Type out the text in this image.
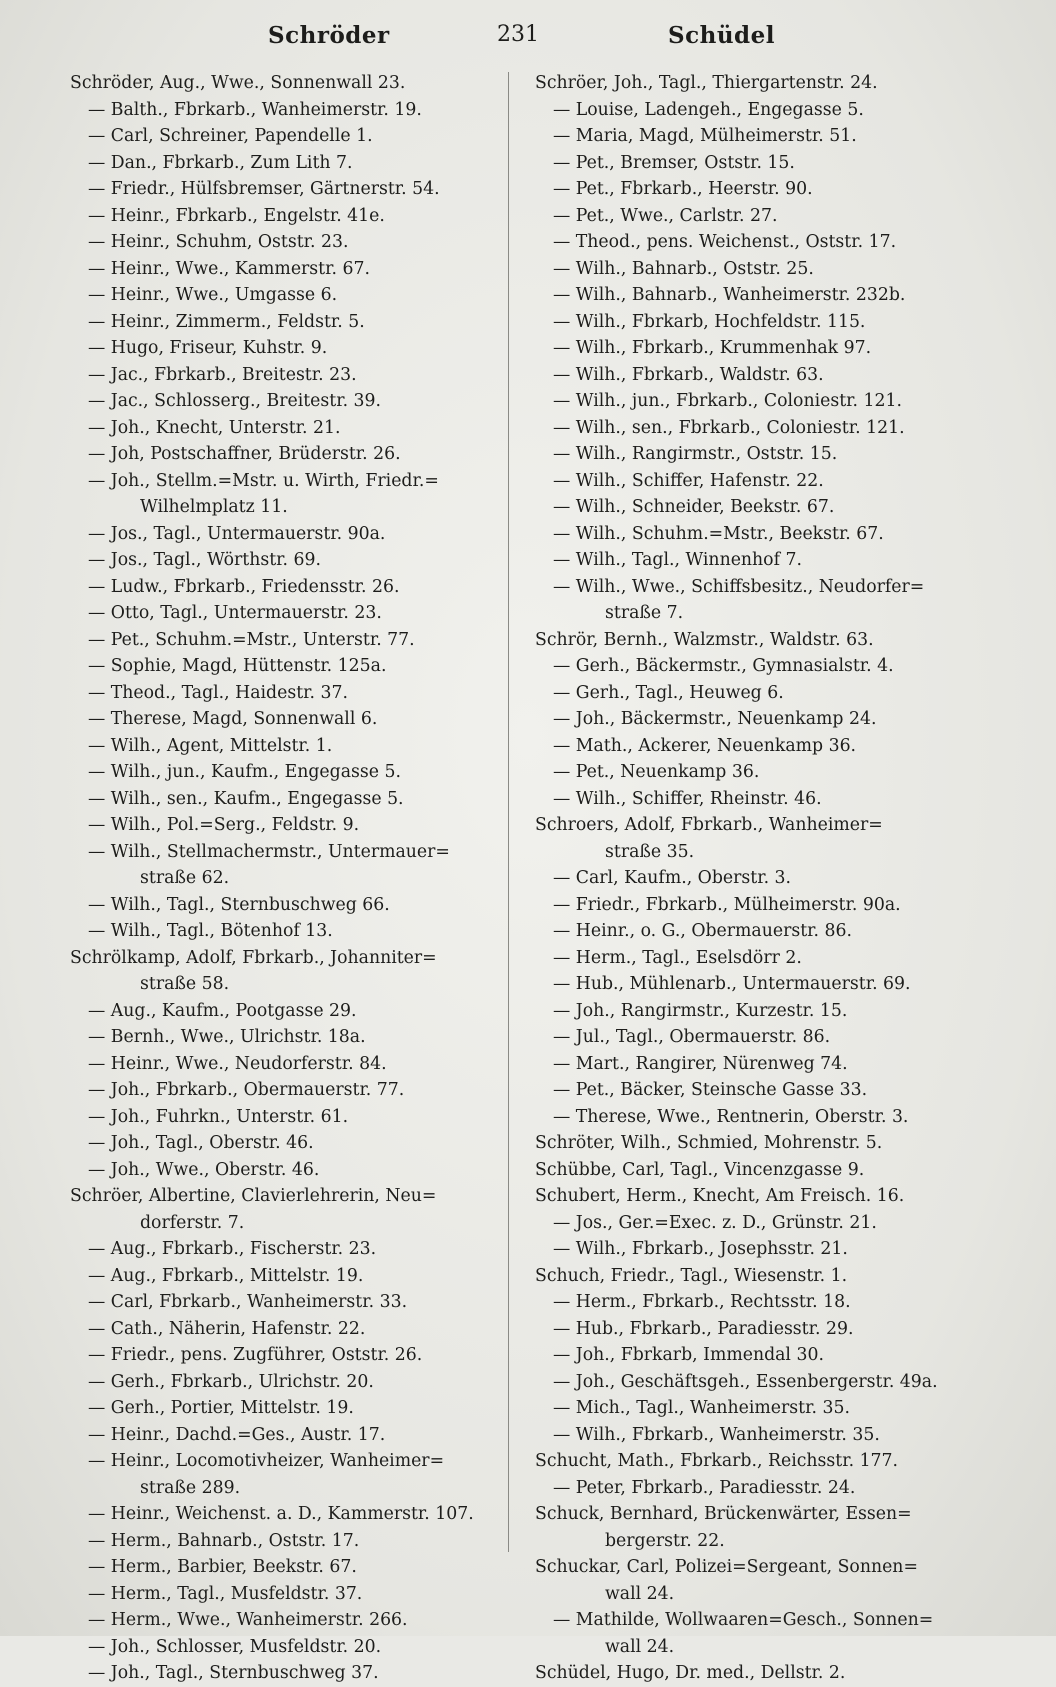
Schröder	231	Schüdel
Schröder, Aug., Wwe., Sonnenwall 23.
— Balth., Fbrkarb., Wanheimerstr. 19.
— Carl, Schreiner, Papendelle 1.
— Dan., Fbrkarb., Zum Lith 7.
— Friedr., Hülfsbremser, Gärtnerstr. 54.
— Heinr., Fbrkarb., Engelstr. 41e.
— Heinr., Schuhm, Oststr. 23.
— Heinr., Wwe., Kammerstr. 67.
— Heinr., Wwe., Umgasse 6.
— Heinr., Zimmerm., Feldstr. 5.
— Hugo, Friseur, Kuhstr. 9.
— Jac., Fbrkarb., Breitestr. 23.
— Jac., Schlosserg., Breitestr. 39.
— Joh., Knecht, Unterstr. 21.
— Joh, Postschaffner, Brüderstr. 26.
— Joh., Stellm.=Mstr. u. Wirth, Friedr.=
Wilhelmplatz 11.
— Jos., Tagl., Untermauerstr. 90a.
— Jos., Tagl., Wörthstr. 69.
— Ludw., Fbrkarb., Friedensstr. 26.
— Otto, Tagl., Untermauerstr. 23.
— Pet., Schuhm.=Mstr., Unterstr. 77.
— Sophie, Magd, Hüttenstr. 125a.
— Theod., Tagl., Haidestr. 37.
— Therese, Magd, Sonnenwall 6.
— Wilh., Agent, Mittelstr. 1.
— Wilh., jun., Kaufm., Engegasse 5.
— Wilh., sen., Kaufm., Engegasse 5.
— Wilh., Pol.=Serg., Feldstr. 9.
— Wilh., Stellmachermstr., Untermauer=
straße 62.
— Wilh., Tagl., Sternbuschweg 66.
— Wilh., Tagl., Bötenhof 13.
Schrölkamp, Adolf, Fbrkarb., Johanniter=
straße 58.
— Aug., Kaufm., Pootgasse 29.
— Bernh., Wwe., Ulrichstr. 18a.
— Heinr., Wwe., Neudorferstr. 84.
— Joh., Fbrkarb., Obermauerstr. 77.
— Joh., Fuhrkn., Unterstr. 61.
— Joh., Tagl., Oberstr. 46.
— Joh., Wwe., Oberstr. 46.
Schröer, Albertine, Clavierlehrerin, Neu=
dorferstr. 7.
— Aug., Fbrkarb., Fischerstr. 23.
— Aug., Fbrkarb., Mittelstr. 19.
— Carl, Fbrkarb., Wanheimerstr. 33.
— Cath., Näherin, Hafenstr. 22.
— Friedr., pens. Zugführer, Oststr. 26.
— Gerh., Fbrkarb., Ulrichstr. 20.
— Gerh., Portier, Mittelstr. 19.
— Heinr., Dachd.=Ges., Austr. 17.
— Heinr., Locomotivheizer, Wanheimer=
straße 289.
— Heinr., Weichenst. a. D., Kammerstr. 107.
— Herm., Bahnarb., Oststr. 17.
— Herm., Barbier, Beekstr. 67.
— Herm., Tagl., Musfeldstr. 37.
— Herm., Wwe., Wanheimerstr. 266.
— Joh., Schlosser, Musfeldstr. 20.
— Joh., Tagl., Sternbuschweg 37.
Schröer, Joh., Tagl., Thiergartenstr. 24.
— Louise, Ladengeh., Engegasse 5.
— Maria, Magd, Mülheimerstr. 51.
— Pet., Bremser, Oststr. 15.
— Pet., Fbrkarb., Heerstr. 90.
— Pet., Wwe., Carlstr. 27.
— Theod., pens. Weichenst., Oststr. 17.
— Wilh., Bahnarb., Oststr. 25.
— Wilh., Bahnarb., Wanheimerstr. 232b.
— Wilh., Fbrkarb, Hochfeldstr. 115.
— Wilh., Fbrkarb., Krummenhak 97.
— Wilh., Fbrkarb., Waldstr. 63.
— Wilh., jun., Fbrkarb., Coloniestr. 121.
— Wilh., sen., Fbrkarb., Coloniestr. 121.
— Wilh., Rangirmstr., Oststr. 15.
— Wilh., Schiffer, Hafenstr. 22.
— Wilh., Schneider, Beekstr. 67.
— Wilh., Schuhm.=Mstr., Beekstr. 67.
— Wilh., Tagl., Winnenhof 7.
— Wilh., Wwe., Schiffsbesitz., Neudorfer=
straße 7.
Schrör, Bernh., Walzmstr., Waldstr. 63.
— Gerh., Bäckermstr., Gymnasialstr. 4.
— Gerh., Tagl., Heuweg 6.
— Joh., Bäckermstr., Neuenkamp 24.
— Math., Ackerer, Neuenkamp 36.
— Pet., Neuenkamp 36.
— Wilh., Schiffer, Rheinstr. 46.
Schroers, Adolf, Fbrkarb., Wanheimer=
straße 35.
— Carl, Kaufm., Oberstr. 3.
— Friedr., Fbrkarb., Mülheimerstr. 90a.
— Heinr., o. G., Obermauerstr. 86.
— Herm., Tagl., Eselsdörr 2.
— Hub., Mühlenarb., Untermauerstr. 69.
— Joh., Rangirmstr., Kurzestr. 15.
— Jul., Tagl., Obermauerstr. 86.
— Mart., Rangirer, Nürenweg 74.
— Pet., Bäcker, Steinsche Gasse 33.
— Therese, Wwe., Rentnerin, Oberstr. 3.
Schröter, Wilh., Schmied, Mohrenstr. 5.
Schübbe, Carl, Tagl., Vincenzgasse 9.
Schubert, Herm., Knecht, Am Freisch. 16.
— Jos., Ger.=Exec. z. D., Grünstr. 21.
— Wilh., Fbrkarb., Josephsstr. 21.
Schuch, Friedr., Tagl., Wiesenstr. 1.
— Herm., Fbrkarb., Rechtsstr. 18.
— Hub., Fbrkarb., Paradiesstr. 29.
— Joh., Fbrkarb, Immendal 30.
— Joh., Geschäftsgeh., Essenbergerstr. 49a.
— Mich., Tagl., Wanheimerstr. 35.
— Wilh., Fbrkarb., Wanheimerstr. 35.
Schucht, Math., Fbrkarb., Reichsstr. 177.
— Peter, Fbrkarb., Paradiesstr. 24.
Schuck, Bernhard, Brückenwärter, Essen=
bergerstr. 22.
Schuckar, Carl, Polizei=Sergeant, Sonnen=
wall 24.
— Mathilde, Wollwaaren=Gesch., Sonnen=
wall 24.
Schüdel, Hugo, Dr. med., Dellstr. 2.
